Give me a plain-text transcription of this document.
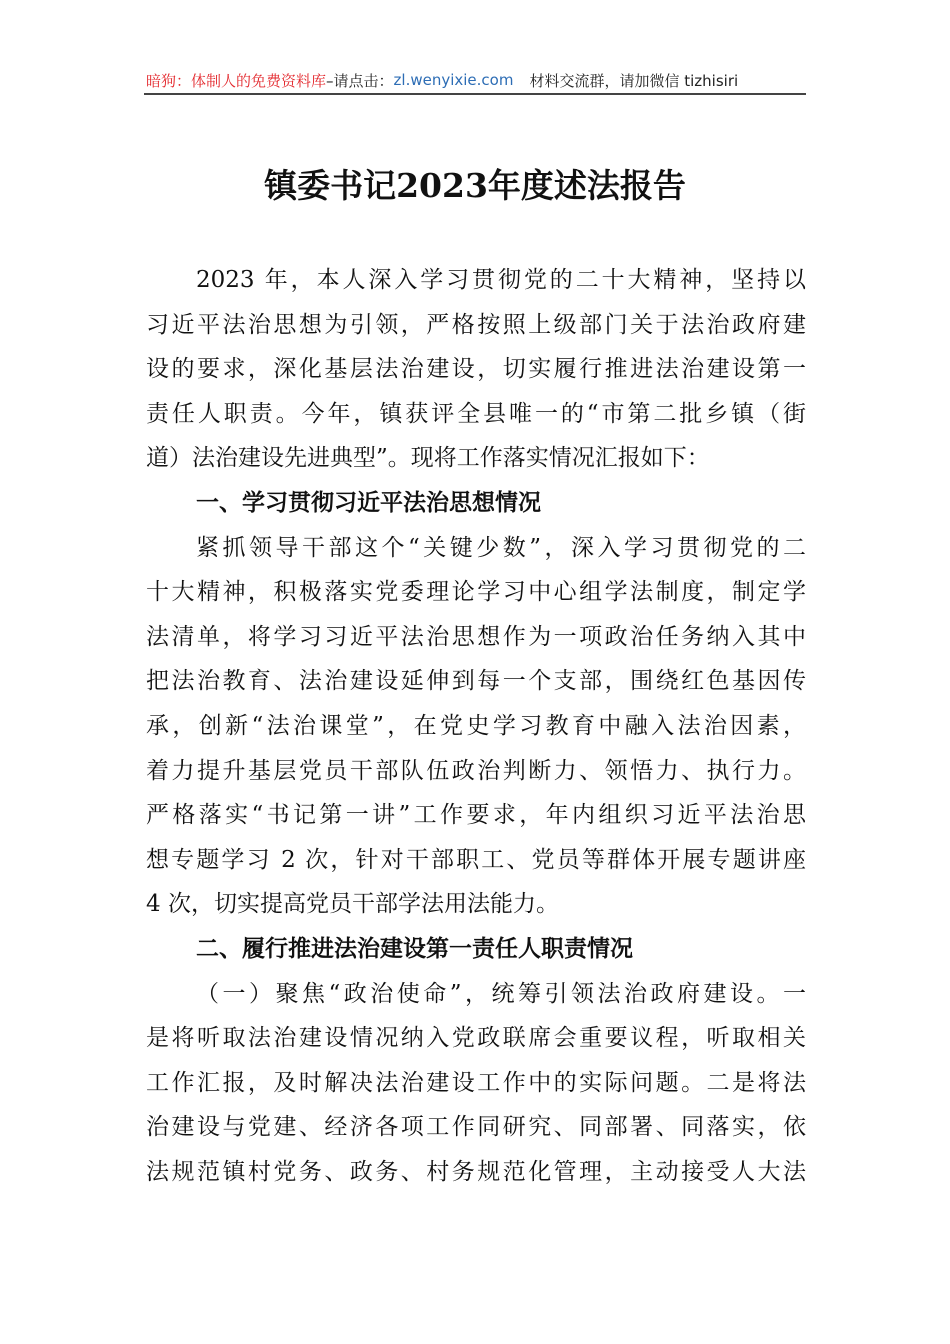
暗狗：体制人的免费资料库 –请点击： zl.wenyixie.com 材料交流群，请加微信 tizhisiri
镇委书记2023年度述法报告
2023 年，本人深入学习贯彻党的二十大精神，坚持以
习近平法治思想为引领，严格按照上级部门关于法治政府建
设的要求，深化基层法治建设，切实履行推进法治建设第一
责任人职责。今年，镇获评全县唯一的“市第二批乡镇（街
道）法治建设先进典型”。现将工作落实情况汇报如下：
一、学习贯彻习近平法治思想情况
紧抓领导干部这个“关键少数”，深入学习贯彻党的二
十大精神，积极落实党委理论学习中心组学法制度，制定学
法清单，将学习习近平法治思想作为一项政治任务纳入其中
把法治教育、法治建设延伸到每一个支部，围绕红色基因传
承，创新“法治课堂”，在党史学习教育中融入法治因素，
着力提升基层党员干部队伍政治判断力、领悟力、执行力。
严格落实“书记第一讲”工作要求，年内组织习近平法治思
想专题学习 2 次，针对干部职工、党员等群体开展专题讲座
4 次，切实提高党员干部学法用法能力。
二、履行推进法治建设第一责任人职责情况
（一）聚焦“政治使命”，统筹引领法治政府建设。一
是将听取法治建设情况纳入党政联席会重要议程，听取相关
工作汇报，及时解决法治建设工作中的实际问题。二是将法
治建设与党建、经济各项工作同研究、同部署、同落实，依
法规范镇村党务、政务、村务规范化管理，主动接受人大法
